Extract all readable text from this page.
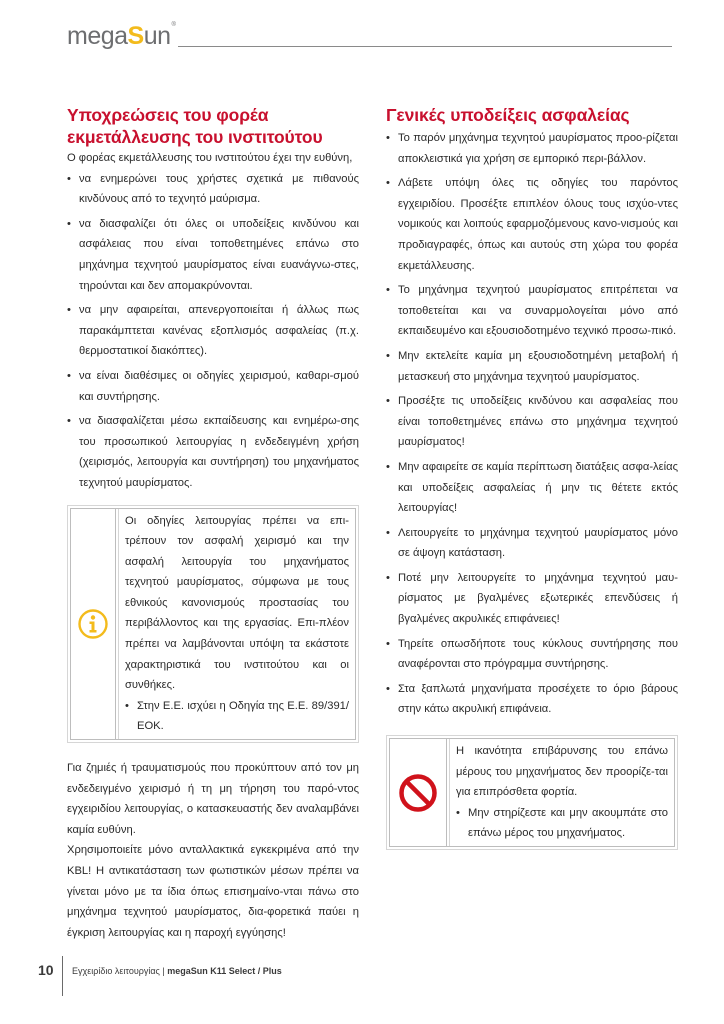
megaSun®
Υποχρεώσεις του φορέα εκμετάλλευσης του ινστιτούτου

Ο φορέας εκμετάλλευσης του ινστιτούτου έχει την ευθύνη,

• να ενημερώνει τους χρήστες σχετικά με πιθανούς κινδύνους από το τεχνητό μαύρισμα.
• να διασφαλίζει ότι όλες οι υποδείξεις κινδύνου και ασφάλειας που είναι τοποθετημένες επάνω στο μηχάνημα τεχνητού μαυρίσματος είναι ευανάγνω-στες, τηρούνται και δεν απομακρύνονται.
• να μην αφαιρείται, απενεργοποιείται ή άλλως πως παρακάμπτεται κανένας εξοπλισμός ασφαλείας (π.χ. θερμοστατικοί διακόπτες).
• να είναι διαθέσιμες οι οδηγίες χειρισμού, καθαρι-σμού και συντήρησης.
• να διασφαλίζεται μέσω εκπαίδευσης και ενημέρω-σης του προσωπικού λειτουργίας η ενδεδειγμένη χρήση (χειρισμός, λειτουργία και συντήρηση) του μηχανήματος τεχνητού μαυρίσματος.

Οι οδηγίες λειτουργίας πρέπει να επι-τρέπουν τον ασφαλή χειρισμό και την ασφαλή λειτουργία του μηχανήματος τεχνητού μαυρίσματος, σύμφωνα με τους εθνικούς κανονισμούς προστασίας του περιβάλλοντος και της εργασίας. Επι-πλέον πρέπει να λαμβάνονται υπόψη τα εκάστοτε χαρακτηριστικά του ινστιτούτου και οι συνθήκες.

• Στην Ε.Ε. ισχύει η Οδηγία της Ε.Ε. 89/391/ΕΟΚ.

Για ζημιές ή τραυματισμούς που προκύπτουν από τον μη ενδεδειγμένο χειρισμό ή τη μη τήρηση του παρό-ντος εγχειριδίου λειτουργίας, ο κατασκευαστής δεν αναλαμβάνει καμία ευθύνη.

Χρησιμοποιείτε μόνο ανταλλακτικά εγκεκριμένα από την KBL! Η αντικατάσταση των φωτιστικών μέσων πρέπει να γίνεται μόνο με τα ίδια όπως επισημαίνο-νται πάνω στο μηχάνημα τεχνητού μαυρίσματος, δια-φορετικά παύει η έγκριση λειτουργίας και η παροχή εγγύησης!

Γενικές υποδείξεις ασφαλείας
• Το παρόν μηχάνημα τεχνητού μαυρίσματος προο-ρίζεται αποκλειστικά για χρήση σε εμπορικό περι-βάλλον.
• Λάβετε υπόψη όλες τις οδηγίες του παρόντος εγχειριδίου. Προσέξτε επιπλέον όλους τους ισχύο-ντες νομικούς και λοιπούς εφαρμοζόμενους κανο-νισμούς και προδιαγραφές, όπως και αυτούς στη χώρα του φορέα εκμετάλλευσης.
• Το μηχάνημα τεχνητού μαυρίσματος επιτρέπεται να τοποθετείται και να συναρμολογείται μόνο από εκπαιδευμένο και εξουσιοδοτημένο τεχνικό προσω-πικό.
• Μην εκτελείτε καμία μη εξουσιοδοτημένη μεταβολή ή μετασκευή στο μηχάνημα τεχνητού μαυρίσματος.
• Προσέξτε τις υποδείξεις κινδύνου και ασφαλείας που είναι τοποθετημένες επάνω στο μηχάνημα τεχνητού μαυρίσματος!
• Μην αφαιρείτε σε καμία περίπτωση διατάξεις ασφα-λείας και υποδείξεις ασφαλείας ή μην τις θέτετε εκτός λειτουργίας!
• Λειτουργείτε το μηχάνημα τεχνητού μαυρίσματος μόνο σε άψογη κατάσταση.
• Ποτέ μην λειτουργείτε το μηχάνημα τεχνητού μαυ-ρίσματος με βγαλμένες εξωτερικές επενδύσεις ή βγαλμένες ακρυλικές επιφάνειες!
• Τηρείτε οπωσδήποτε τους κύκλους συντήρησης που αναφέρονται στο πρόγραμμα συντήρησης.
• Στα ξαπλωτά μηχανήματα προσέχετε το όριο βάρους στην κάτω ακρυλική επιφάνεια.

Η ικανότητα επιβάρυνσης του επάνω μέρους του μηχανήματος δεν προορίζε-ται για επιπρόσθετα φορτία.

• Μην στηρίζεστε και μην ακουμπάτε στο επάνω μέρος του μηχανήματος.
10	Εγχειρίδιο λειτουργίας | megaSun K11 Select / Plus
